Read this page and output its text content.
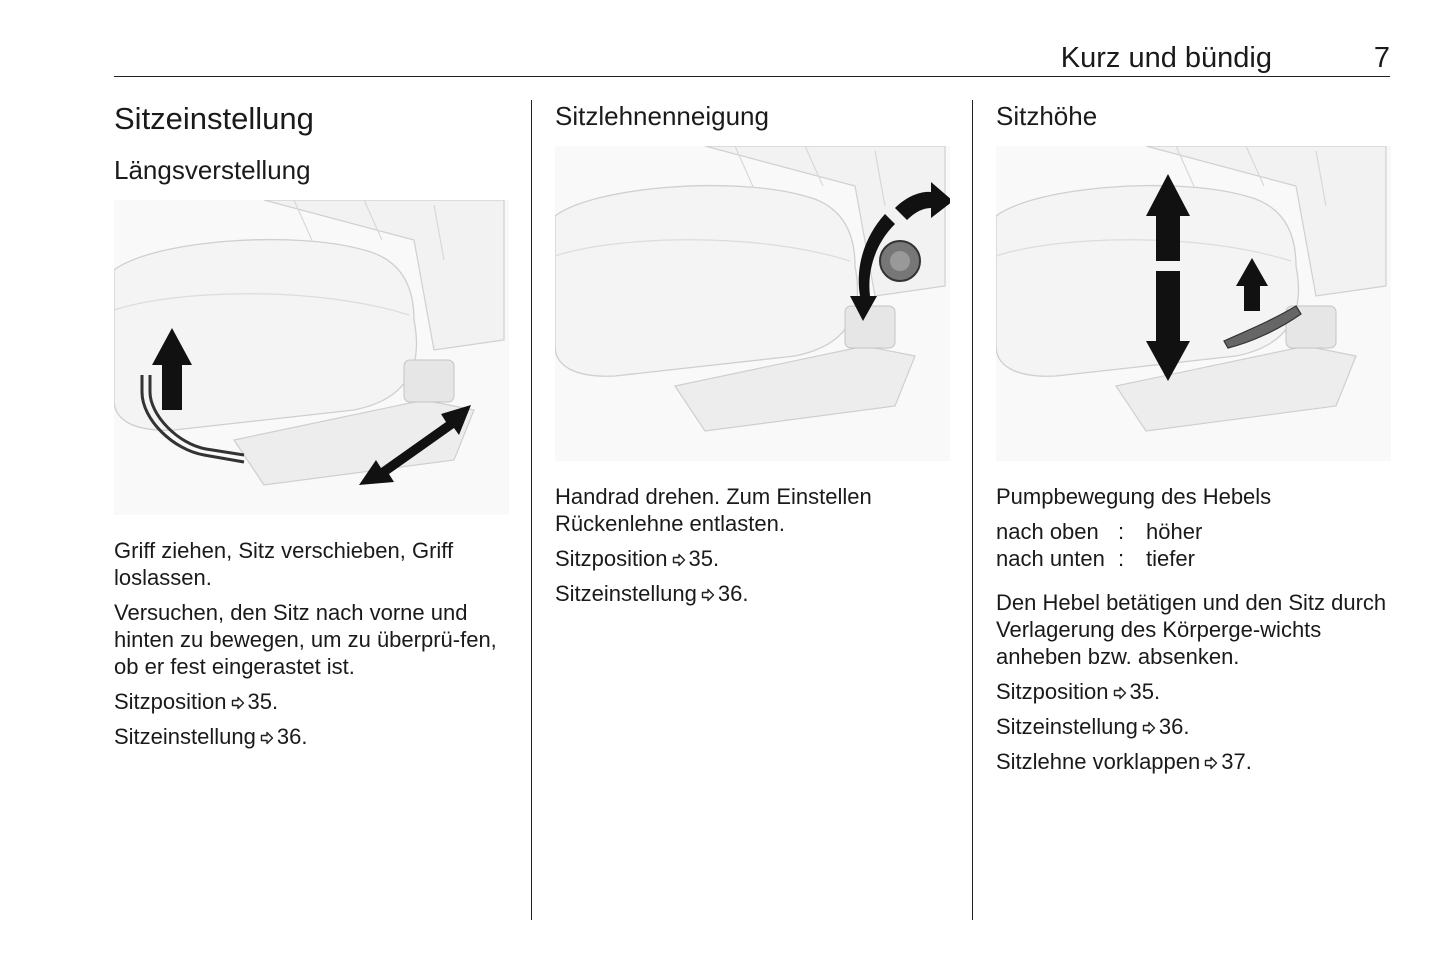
Kurz und bündig	7
Sitzeinstellung
Längsverstellung

Griff ziehen, Sitz verschieben, Griff loslassen.

Versuchen, den Sitz nach vorne und hinten zu bewegen, um zu überprü-fen, ob er fest eingerastet ist.

Sitzposition 35.

Sitzeinstellung 36.

Sitzlehnenneigung

Handrad drehen. Zum Einstellen Rückenlehne entlasten.

Sitzposition 35.

Sitzeinstellung 36.

Sitzhöhe

Pumpbewegung des Hebels

nach oben	:	höher
nach unten	:	tiefer

Den Hebel betätigen und den Sitz durch Verlagerung des Körperge-wichts anheben bzw. absenken.

Sitzposition 35.

Sitzeinstellung 36.

Sitzlehne vorklappen 37.
